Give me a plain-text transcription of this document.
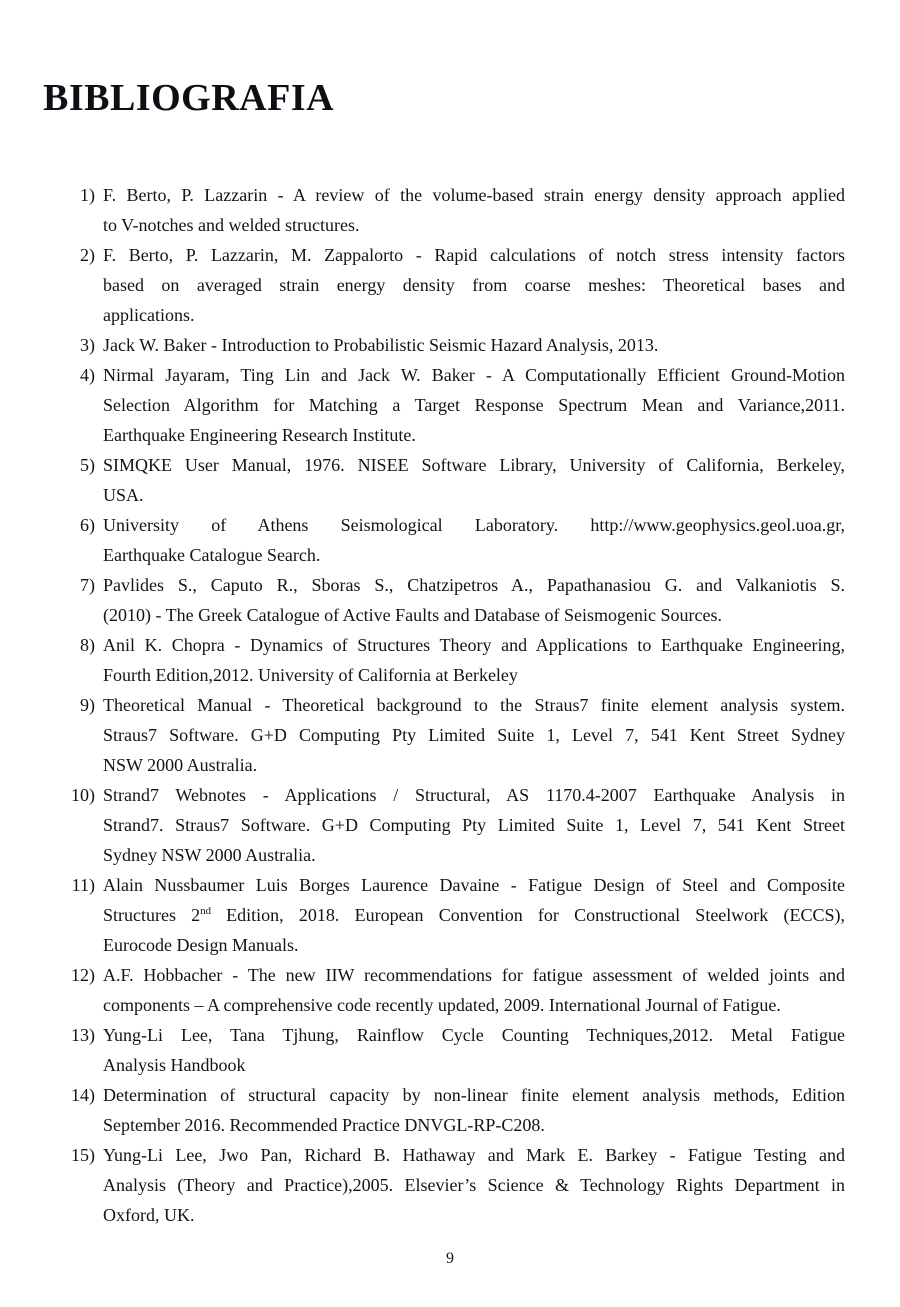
BIBLIOGRAFIA
1) F. Berto, P. Lazzarin - A review of the volume-based strain energy density approach applied
to V-notches and welded structures.
2) F. Berto, P. Lazzarin, M. Zappalorto - Rapid calculations of notch stress intensity factors
based on averaged strain energy density from coarse meshes: Theoretical bases and
applications.
3) Jack W. Baker - Introduction to Probabilistic Seismic Hazard Analysis, 2013.
4) Nirmal Jayaram, Ting Lin and Jack W. Baker - A Computationally Efficient Ground-Motion
Selection Algorithm for Matching a Target Response Spectrum Mean and Variance,2011.
Earthquake Engineering Research Institute.
5) SIMQKE User Manual, 1976. NISEE Software Library, University of California, Berkeley,
USA.
6) University of Athens Seismological Laboratory. http://www.geophysics.geol.uoa.gr,
Earthquake Catalogue Search.
7) Pavlides S., Caputo R., Sboras S., Chatzipetros A., Papathanasiou G. and Valkaniotis S.
(2010) - The Greek Catalogue of Active Faults and Database of Seismogenic Sources.
8) Anil K. Chopra - Dynamics of Structures Theory and Applications to Earthquake Engineering,
Fourth Edition,2012. University of California at Berkeley
9) Theoretical Manual - Theoretical background to the Straus7 finite element analysis system.
Straus7 Software. G+D Computing Pty Limited Suite 1, Level 7, 541 Kent Street Sydney
NSW 2000 Australia.
10) Strand7 Webnotes - Applications / Structural, AS 1170.4-2007 Earthquake Analysis in
Strand7. Straus7 Software. G+D Computing Pty Limited Suite 1, Level 7, 541 Kent Street
Sydney NSW 2000 Australia.
11) Alain Nussbaumer Luis Borges Laurence Davaine - Fatigue Design of Steel and Composite
Structures 2nd Edition, 2018. European Convention for Constructional Steelwork (ECCS),
Eurocode Design Manuals.
12) A.F. Hobbacher - The new IIW recommendations for fatigue assessment of welded joints and
components – A comprehensive code recently updated, 2009. International Journal of Fatigue.
13) Yung-Li Lee, Tana Tjhung, Rainflow Cycle Counting Techniques,2012. Metal Fatigue
Analysis Handbook
14) Determination of structural capacity by non-linear finite element analysis methods, Edition
September 2016. Recommended Practice DNVGL-RP-C208.
15) Yung-Li Lee, Jwo Pan, Richard B. Hathaway and Mark E. Barkey - Fatigue Testing and
Analysis (Theory and Practice),2005. Elsevier’s Science & Technology Rights Department in
Oxford, UK.
9
